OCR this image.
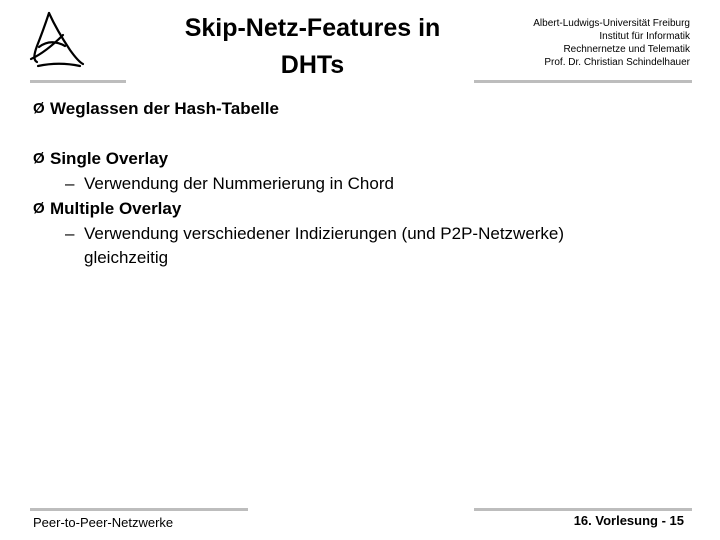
Skip-Netz-Features in
DHTs
Albert-Ludwigs-Universität Freiburg
Institut für Informatik
Rechnernetze und Telematik
Prof. Dr. Christian Schindelhauer
Ø Weglassen der Hash-Tabelle
Ø Single Overlay
– Verwendung der Nummerierung in Chord
Ø Multiple Overlay
– Verwendung verschiedener Indizierungen (und P2P-Netzwerke)
gleichzeitig
Peer-to-Peer-Netzwerke	16. Vorlesung - 15
